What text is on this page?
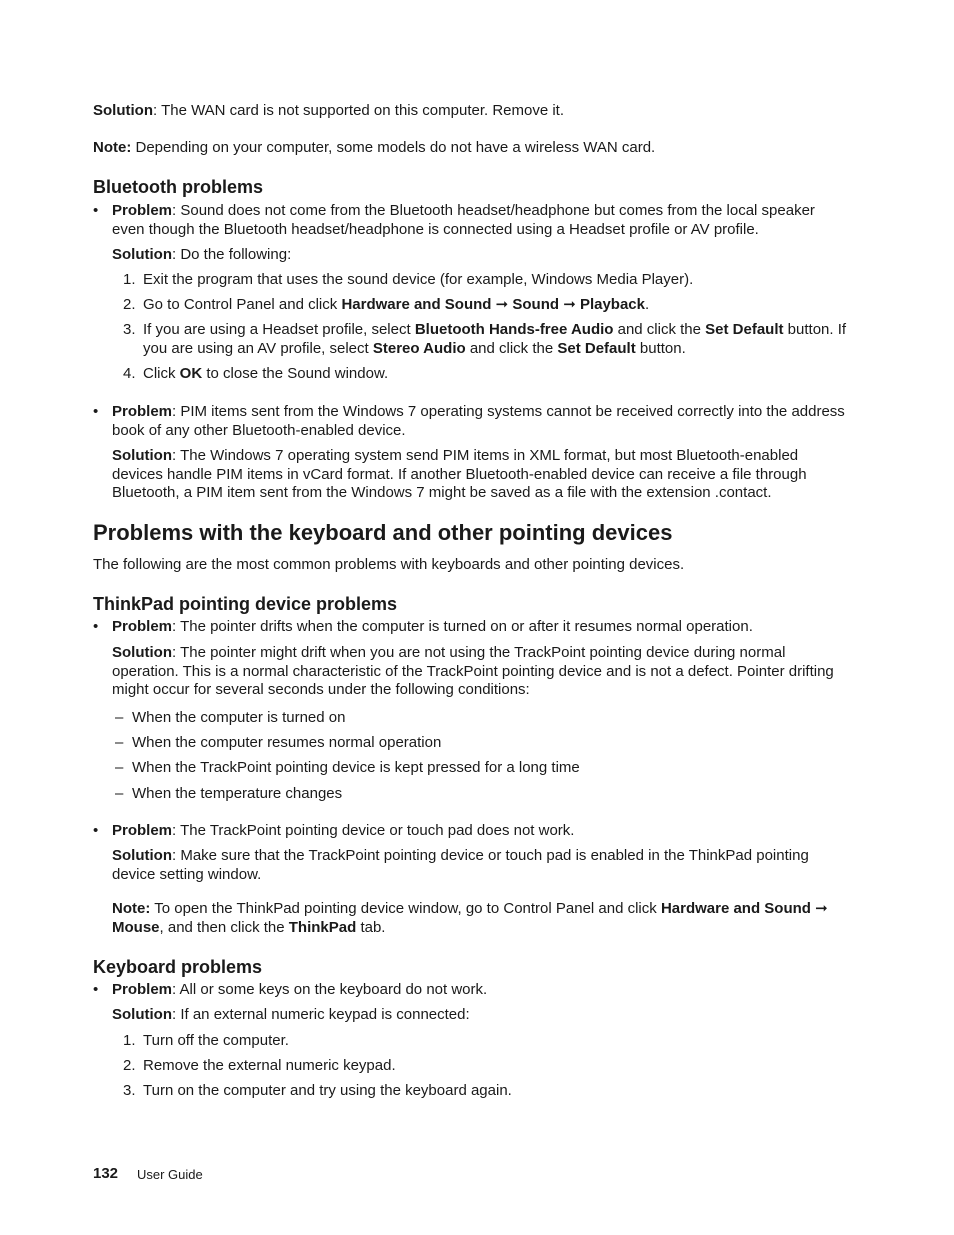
Solution: The WAN card is not supported on this computer. Remove it.
Note: Depending on your computer, some models do not have a wireless WAN card.
Bluetooth problems
• Problem: Sound does not come from the Bluetooth headset/headphone but comes from the local speaker even though the Bluetooth headset/headphone is connected using a Headset profile or AV profile.
Solution: Do the following:
1. Exit the program that uses the sound device (for example, Windows Media Player).
2. Go to Control Panel and click Hardware and Sound ➞ Sound ➞ Playback.
3. If you are using a Headset profile, select Bluetooth Hands-free Audio and click the Set Default button. If you are using an AV profile, select Stereo Audio and click the Set Default button.
4. Click OK to close the Sound window.
• Problem: PIM items sent from the Windows 7 operating systems cannot be received correctly into the address book of any other Bluetooth-enabled device.
Solution: The Windows 7 operating system send PIM items in XML format, but most Bluetooth-enabled devices handle PIM items in vCard format. If another Bluetooth-enabled device can receive a file through Bluetooth, a PIM item sent from the Windows 7 might be saved as a file with the extension .contact.
Problems with the keyboard and other pointing devices
The following are the most common problems with keyboards and other pointing devices.
ThinkPad pointing device problems
• Problem: The pointer drifts when the computer is turned on or after it resumes normal operation.
Solution: The pointer might drift when you are not using the TrackPoint pointing device during normal operation. This is a normal characteristic of the TrackPoint pointing device and is not a defect. Pointer drifting might occur for several seconds under the following conditions:
– When the computer is turned on
– When the computer resumes normal operation
– When the TrackPoint pointing device is kept pressed for a long time
– When the temperature changes
• Problem: The TrackPoint pointing device or touch pad does not work.
Solution: Make sure that the TrackPoint pointing device or touch pad is enabled in the ThinkPad pointing device setting window.
Note: To open the ThinkPad pointing device window, go to Control Panel and click Hardware and Sound ➞ Mouse, and then click the ThinkPad tab.
Keyboard problems
• Problem: All or some keys on the keyboard do not work.
Solution: If an external numeric keypad is connected:
1. Turn off the computer.
2. Remove the external numeric keypad.
3. Turn on the computer and try using the keyboard again.
132 User Guide
